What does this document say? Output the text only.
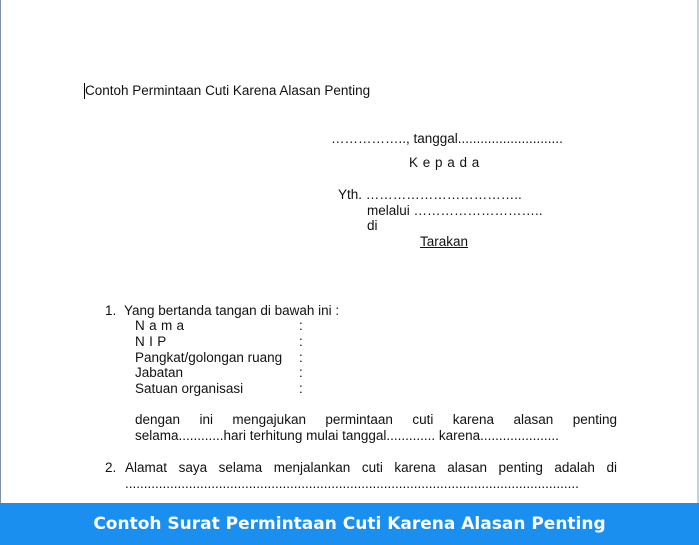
Contoh Permintaan Cuti Karena Alasan Penting
…………….., tanggal............................
K e p a d a
Yth. ……………………………..
melalui ………………………..
di
Tarakan
1. Yang bertanda tangan di bawah ini :
N a m a	:
N I P	:
Pangkat/golongan ruang :
Jabatan	:
Satuan organisasi	:
dengan ini mengajukan permintaan cuti karena alasan penting
selama............hari terhitung mulai tanggal............. karena.....................
2. Alamat saya selama menjalankan cuti karena alasan penting adalah di
.........................................................................................................................
Contoh Surat Permintaan Cuti Karena Alasan Penting
